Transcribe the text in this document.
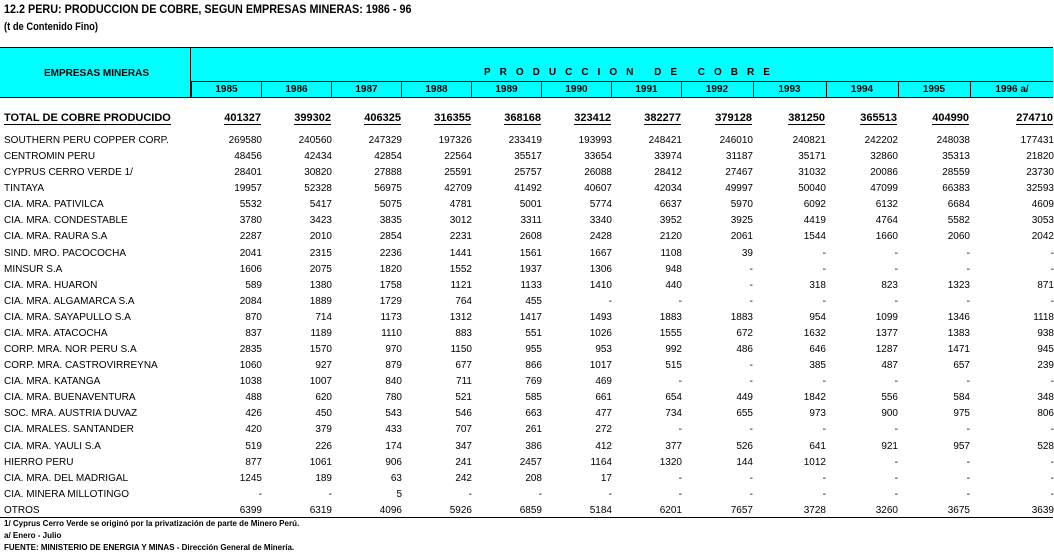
12.2 PERU: PRODUCCION DE COBRE, SEGUN EMPRESAS MINERAS: 1986 - 96
(t de Contenido Fino)
EMPRESAS MINERAS	PRODUCCION DE COBRE
1985	1986	1987	1988	1989	1990	1991	1992	1993	1994	1995	1996 a/
TOTAL DE COBRE PRODUCIDO	401327	399302	406325	316355	368168	323412	382277	379128	381250	365513	404990	274710
SOUTHERN PERU COPPER CORP.	269580	240560	247329	197326	233419	193993	248421	246010	240821	242202	248038	177431
CENTROMIN PERU	48456	42434	42854	22564	35517	33654	33974	31187	35171	32860	35313	21820
CYPRUS CERRO VERDE 1/	28401	30820	27888	25591	25757	26088	28412	27467	31032	20086	28559	23730
TINTAYA	19957	52328	56975	42709	41492	40607	42034	49997	50040	47099	66383	32593
CIA. MRA. PATIVILCA	5532	5417	5075	4781	5001	5774	6637	5970	6092	6132	6684	4609
CIA. MRA. CONDESTABLE	3780	3423	3835	3012	3311	3340	3952	3925	4419	4764	5582	3053
CIA. MRA. RAURA S.A	2287	2010	2854	2231	2608	2428	2120	2061	1544	1660	2060	2042
SIND. MRO. PACOCOCHA	2041	2315	2236	1441	1561	1667	1108	39	-	-	-	-
MINSUR S.A	1606	2075	1820	1552	1937	1306	948	-	-	-	-	-
CIA. MRA. HUARON	589	1380	1758	1121	1133	1410	440	-	318	823	1323	871
CIA. MRA. ALGAMARCA S.A	2084	1889	1729	764	455	-	-	-	-	-	-	-
CIA. MRA. SAYAPULLO S.A	870	714	1173	1312	1417	1493	1883	1883	954	1099	1346	1118
CIA. MRA. ATACOCHA	837	1189	1110	883	551	1026	1555	672	1632	1377	1383	938
CORP. MRA. NOR PERU S.A	2835	1570	970	1150	955	953	992	486	646	1287	1471	945
CORP. MRA. CASTROVIRREYNA	1060	927	879	677	866	1017	515	-	385	487	657	239
CIA. MRA. KATANGA	1038	1007	840	711	769	469	-	-	-	-	-	-
CIA. MRA. BUENAVENTURA	488	620	780	521	585	661	654	449	1842	556	584	348
SOC. MRA. AUSTRIA DUVAZ	426	450	543	546	663	477	734	655	973	900	975	806
CIA. MRALES. SANTANDER	420	379	433	707	261	272	-	-	-	-	-	-
CIA. MRA. YAULI S.A	519	226	174	347	386	412	377	526	641	921	957	528
HIERRO PERU	877	1061	906	241	2457	1164	1320	144	1012	-	-	-
CIA. MRA. DEL MADRIGAL	1245	189	63	242	208	17	-	-	-	-	-	-
CIA. MINERA MILLOTINGO	-	-	5	-	-	-	-	-	-	-	-	-
OTROS	6399	6319	4096	5926	6859	5184	6201	7657	3728	3260	3675	3639
1/ Cyprus Cerro Verde se originó por la privatización de parte de Minero Perú.
a/ Enero - Julio
FUENTE: MINISTERIO DE ENERGIA Y MINAS - Dirección General de Minería.
